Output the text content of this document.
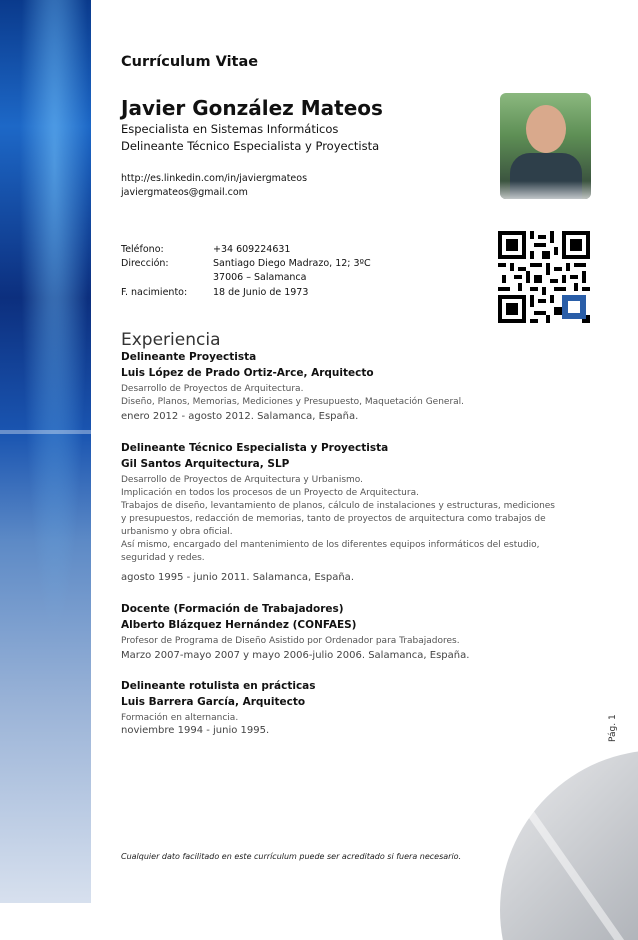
Currículum Vitae
Javier González Mateos
Especialista en Sistemas Informáticos
Delineante Técnico Especialista y Proyectista
http://es.linkedin.com/in/javiergmateos
javiergmateos@gmail.com
Teléfono:	+34 609224631
Dirección:	Santiago Diego Madrazo, 12; 3ºC
37006 – Salamanca
F. nacimiento:	18 de Junio de 1973
Experiencia
Delineante Proyectista
Luis López de Prado Ortiz-Arce, Arquitecto
Desarrollo de Proyectos de Arquitectura.
Diseño, Planos, Memorias, Mediciones y Presupuesto, Maquetación General.
enero 2012 - agosto 2012. Salamanca, España.
Delineante Técnico Especialista y Proyectista
Gil Santos Arquitectura, SLP
Desarrollo de Proyectos de Arquitectura y Urbanismo.
Implicación en todos los procesos de un Proyecto de Arquitectura.
Trabajos de diseño, levantamiento de planos, cálculo de instalaciones y estructuras, mediciones
y presupuestos, redacción de memorias, tanto de proyectos de arquitectura como trabajos de
urbanismo y obra oficial.
Así mismo, encargado del mantenimiento de los diferentes equipos informáticos del estudio,
seguridad y redes.
agosto 1995 - junio 2011. Salamanca, España.
Docente (Formación de Trabajadores)
Alberto Blázquez Hernández (CONFAES)
Profesor de Programa de Diseño Asistido por Ordenador para Trabajadores.
Marzo 2007-mayo 2007 y mayo 2006-julio 2006. Salamanca, España.
Delineante rotulista en prácticas
Luis Barrera García, Arquitecto
Formación en alternancia.
noviembre 1994 - junio 1995.	Pág. 1
Cualquier dato facilitado en este currículum puede ser acreditado si fuera necesario.
